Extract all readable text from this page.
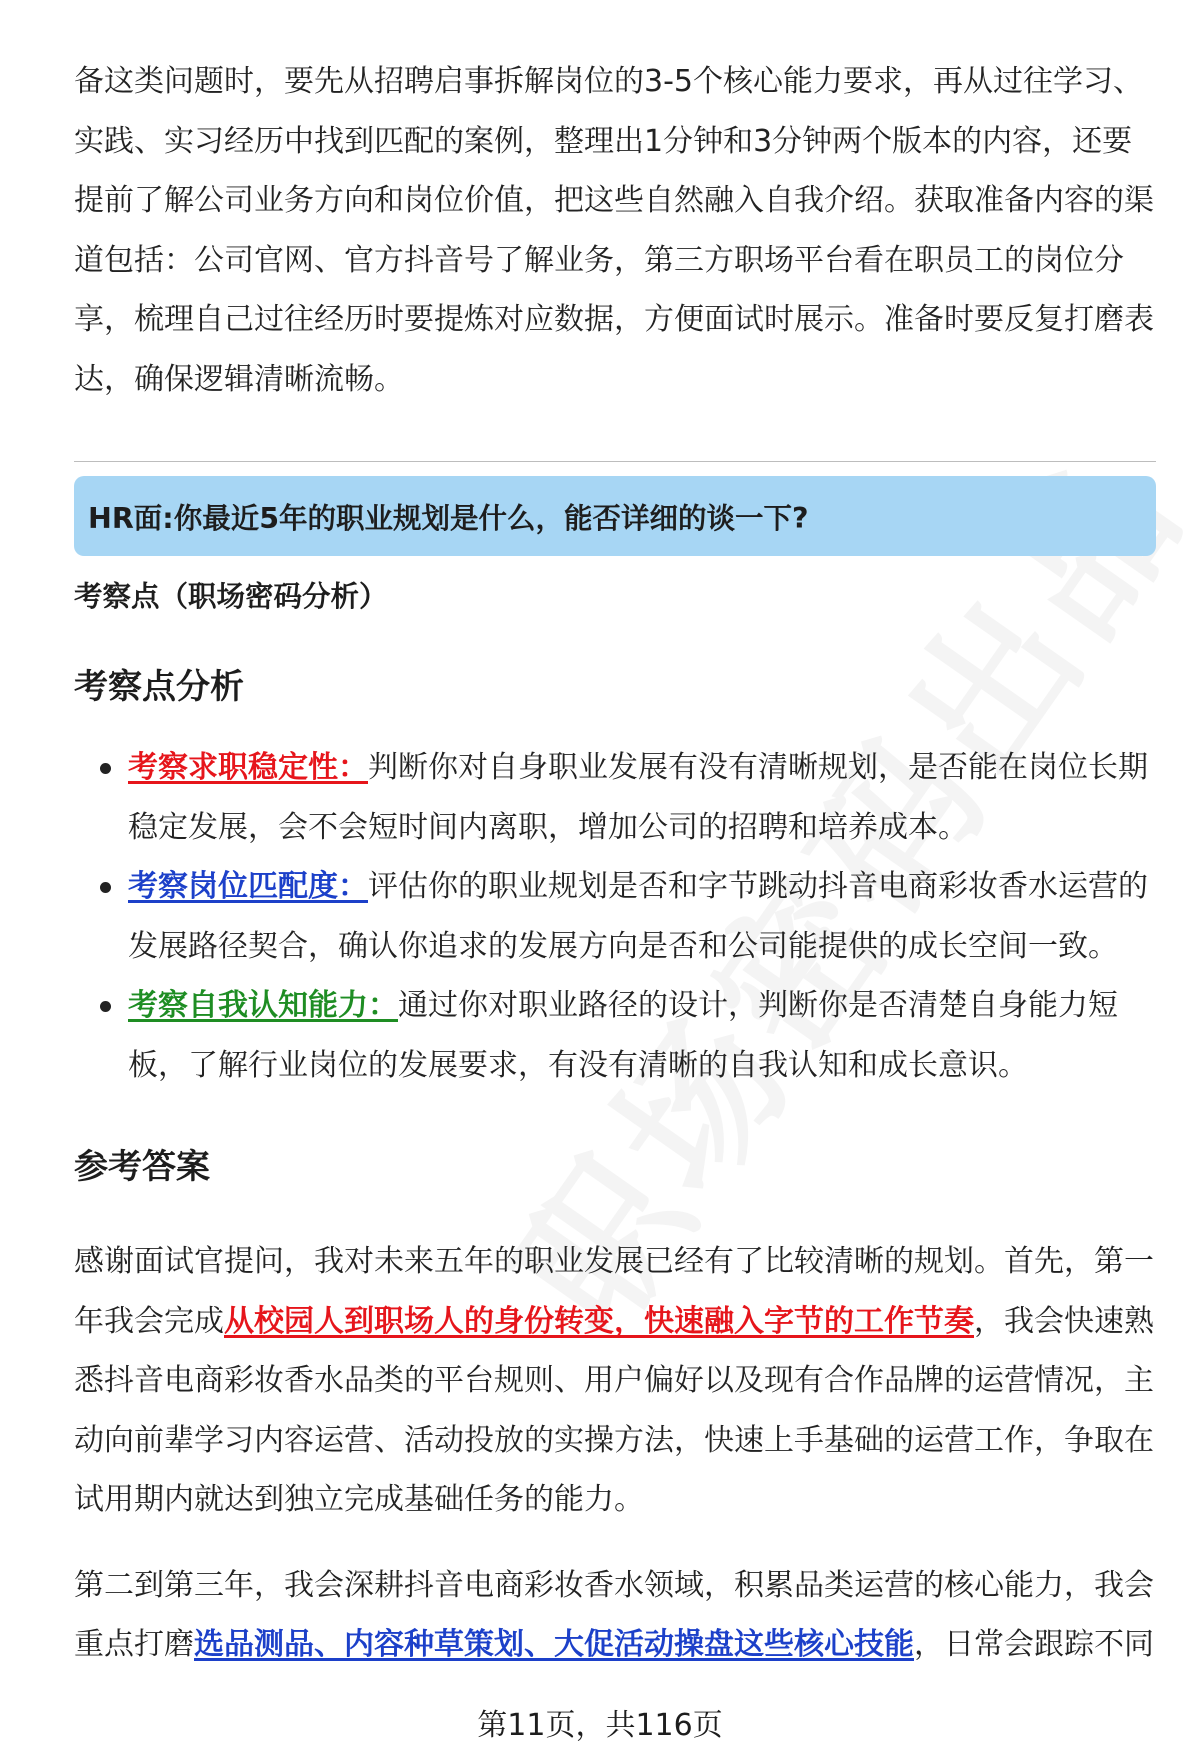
备这类问题时，要先从招聘启事拆解岗位的3-5个核心能力要求，再从过往学习、实践、实习经历中找到匹配的案例，整理出1分钟和3分钟两个版本的内容，还要提前了解公司业务方向和岗位价值，把这些自然融入自我介绍。获取准备内容的渠道包括：公司官网、官方抖音号了解业务，第三方职场平台看在职员工的岗位分享，梳理自己过往经历时要提炼对应数据，方便面试时展示。准备时要反复打磨表达，确保逻辑清晰流畅。

HR面:你最近5年的职业规划是什么，能否详细的谈一下?
考察点（职场密码分析）
考察点分析
考察求职稳定性：判断你对自身职业发展有没有清晰规划，是否能在岗位长期稳定发展，会不会短时间内离职，增加公司的招聘和培养成本。
考察岗位匹配度：评估你的职业规划是否和字节跳动抖音电商彩妆香水运营的发展路径契合，确认你追求的发展方向是否和公司能提供的成长空间一致。
考察自我认知能力：通过你对职业路径的设计，判断你是否清楚自身能力短板，了解行业岗位的发展要求，有没有清晰的自我认知和成长意识。
参考答案

感谢面试官提问，我对未来五年的职业发展已经有了比较清晰的规划。首先，第一年我会完成从校园人到职场人的身份转变，快速融入字节的工作节奏，我会快速熟悉抖音电商彩妆香水品类的平台规则、用户偏好以及现有合作品牌的运营情况，主动向前辈学习内容运营、活动投放的实操方法，快速上手基础的运营工作，争取在试用期内就达到独立完成基础任务的能力。

第二到第三年，我会深耕抖音电商彩妆香水领域，积累品类运营的核心能力，我会重点打磨选品测品、内容种草策划、大促活动操盘这些核心技能，日常会跟踪不同

第11页，共116页
